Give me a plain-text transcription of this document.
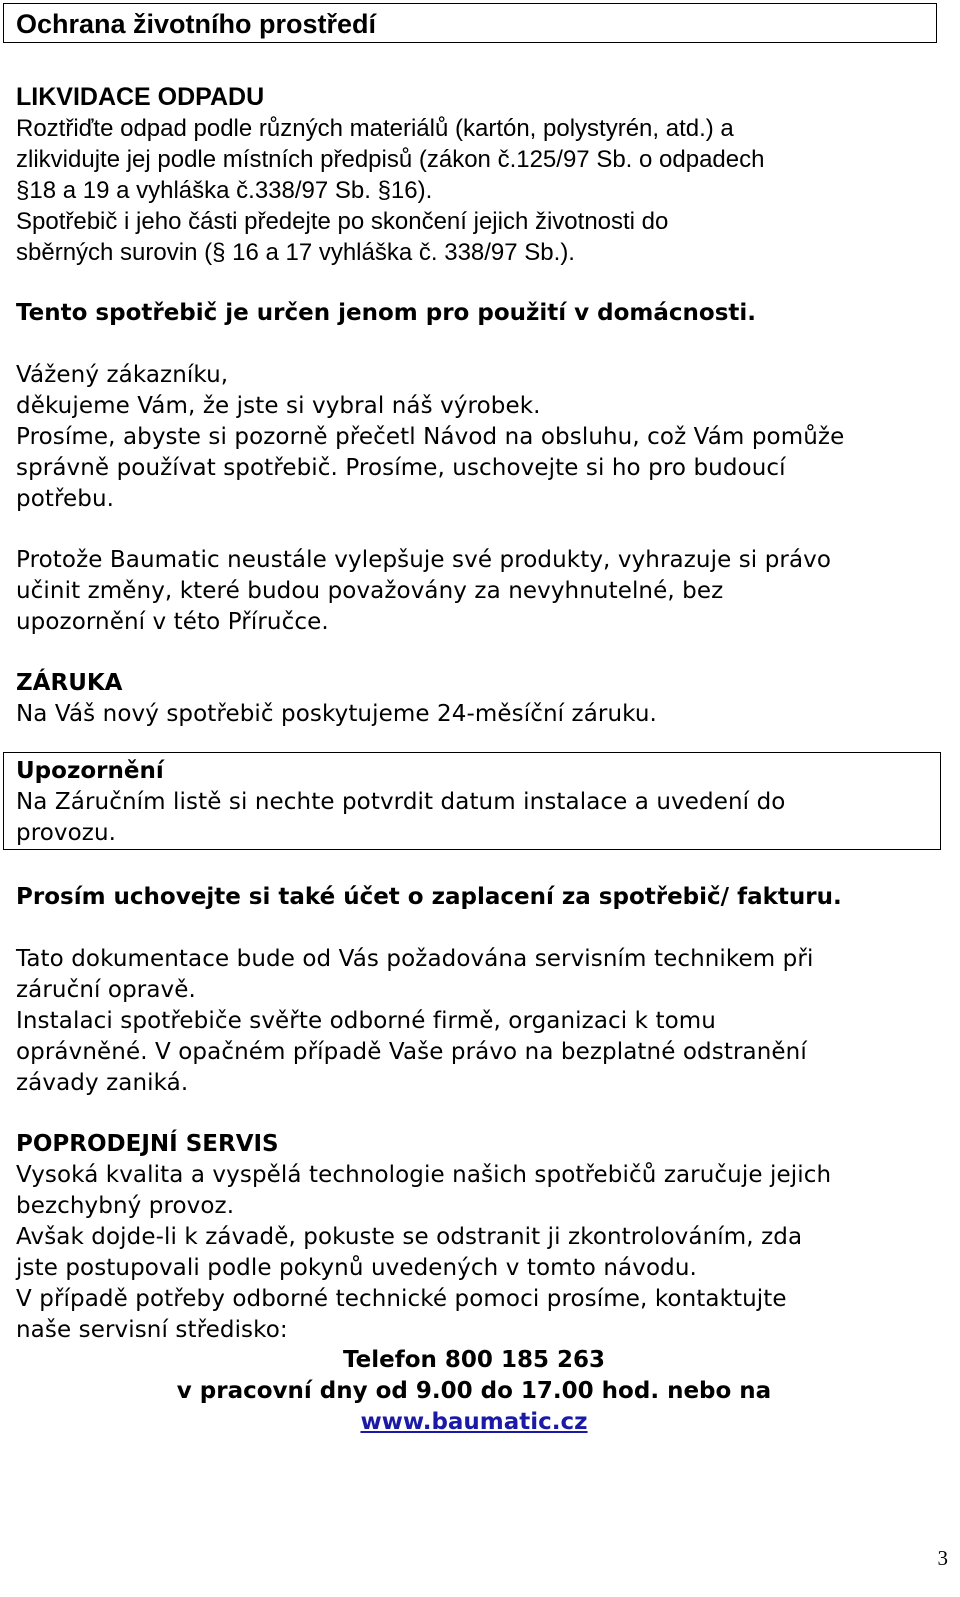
Ochrana životního prostředí
LIKVIDACE ODPADU
Roztřiďte odpad podle různých materiálů (kartón, polystyrén, atd.) a
zlikvidujte jej podle místních předpisů (zákon č.125/97 Sb. o odpadech
§18 a 19 a vyhláška č.338/97 Sb. §16).
Spotřebič i jeho části předejte po skončení jejich životnosti do
sběrných surovin (§ 16 a 17 vyhláška č. 338/97 Sb.).
Tento spotřebič je určen jenom pro použití v domácnosti.
Vážený zákazníku,
děkujeme Vám, že jste si vybral náš výrobek.
Prosíme, abyste si pozorně přečetl Návod na obsluhu, což Vám pomůže
správně používat spotřebič. Prosíme, uschovejte si ho pro budoucí
potřebu.
Protože Baumatic neustále vylepšuje své produkty, vyhrazuje si právo
učinit změny, které budou považovány za nevyhnutelné, bez
upozornění v této Příručce.
ZÁRUKA
Na Váš nový spotřebič poskytujeme 24-měsíční záruku.
Upozornění
Na Záručním listě si nechte potvrdit datum instalace a uvedení do
provozu.
Prosím uchovejte si také účet o zaplacení za spotřebič/ fakturu.
Tato dokumentace bude od Vás požadována servisním technikem při
záruční opravě.
Instalaci spotřebiče svěřte odborné firmě, organizaci k tomu
oprávněné. V opačném případě Vaše právo na bezplatné odstranění
závady zaniká.
POPRODEJNÍ SERVIS
Vysoká kvalita a vyspělá technologie našich spotřebičů zaručuje jejich
bezchybný provoz.
Avšak dojde-li k závadě, pokuste se odstranit ji zkontrolováním, zda
jste postupovali podle pokynů uvedených v tomto návodu.
V případě potřeby odborné technické pomoci prosíme, kontaktujte
naše servisní středisko:
Telefon 800 185 263
v pracovní dny od 9.00 do 17.00 hod. nebo na
www.baumatic.cz
3
